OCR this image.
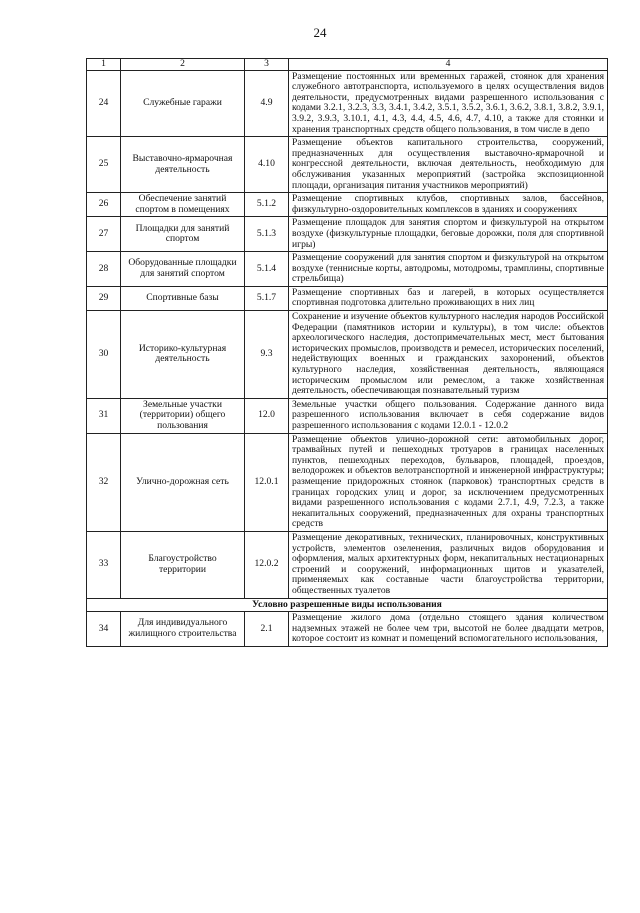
24
1	2	3	4
24	Служебные гаражи	4.9	Размещение постоянных или временных гаражей, стоянок для хранения служебного автотранспорта, используемого в целях осуществления видов деятельности, предусмотренных видами разрешенного использования с кодами 3.2.1, 3.2.3, 3.3, 3.4.1, 3.4.2, 3.5.1, 3.5.2, 3.6.1, 3.6.2, 3.8.1, 3.8.2, 3.9.1, 3.9.2, 3.9.3, 3.10.1, 4.1, 4.3, 4.4, 4.5, 4.6, 4.7, 4.10, а также для стоянки и хранения транспортных средств общего пользования, в том числе в депо
25	Выставочно-ярмарочная деятельность	4.10	Размещение объектов капитального строительства, сооружений, предназначенных для осуществления выставочно-ярмарочной и конгрессной деятельности, включая деятельность, необходимую для обслуживания указанных мероприятий (застройка экспозиционной площади, организация питания участников мероприятий)
26	Обеспечение занятий спортом в помещениях	5.1.2	Размещение спортивных клубов, спортивных залов, бассейнов, физкультурно-оздоровительных комплексов в зданиях и сооружениях
27	Площадки для занятий спортом	5.1.3	Размещение площадок для занятия спортом и физкультурой на открытом воздухе (физкультурные площадки, беговые дорожки, поля для спортивной игры)
28	Оборудованные площадки для занятий спортом	5.1.4	Размещение сооружений для занятия спортом и физкультурой на открытом воздухе (теннисные корты, автодромы, мотодромы, трамплины, спортивные стрельбища)
29	Спортивные базы	5.1.7	Размещение спортивных баз и лагерей, в которых осуществляется спортивная подготовка длительно проживающих в них лиц
30	Историко-культурная деятельность	9.3	Сохранение и изучение объектов культурного наследия народов Российской Федерации (памятников истории и культуры), в том числе: объектов археологического наследия, достопримечательных мест, мест бытования исторических промыслов, производств и ремесел, исторических поселений, недействующих военных и гражданских захоронений, объектов культурного наследия, хозяйственная деятельность, являющаяся историческим промыслом или ремеслом, а также хозяйственная деятельность, обеспечивающая познавательный туризм
31	Земельные участки (территории) общего пользования	12.0	Земельные участки общего пользования. Содержание данного вида разрешенного использования включает в себя содержание видов разрешенного использования с кодами 12.0.1 - 12.0.2
32	Улично-дорожная сеть	12.0.1	Размещение объектов улично-дорожной сети: автомобильных дорог, трамвайных путей и пешеходных тротуаров в границах населенных пунктов, пешеходных переходов, бульваров, площадей, проездов, велодорожек и объектов велотранспортной и инженерной инфраструктуры; размещение придорожных стоянок (парковок) транспортных средств в границах городских улиц и дорог, за исключением предусмотренных видами разрешенного использования с кодами 2.7.1, 4.9, 7.2.3, а также некапитальных сооружений, предназначенных для охраны транспортных средств
33	Благоустройство территории	12.0.2	Размещение декоративных, технических, планировочных, конструктивных устройств, элементов озеленения, различных видов оборудования и оформления, малых архитектурных форм, некапитальных нестационарных строений и сооружений, информационных щитов и указателей, применяемых как составные части благоустройства территории, общественных туалетов
Условно разрешенные виды использования			
34	Для индивидуального жилищного строительства	2.1	Размещение жилого дома (отдельно стоящего здания количеством надземных этажей не более чем три, высотой не более двадцати метров, которое состоит из комнат и помещений вспомогательного использования,
